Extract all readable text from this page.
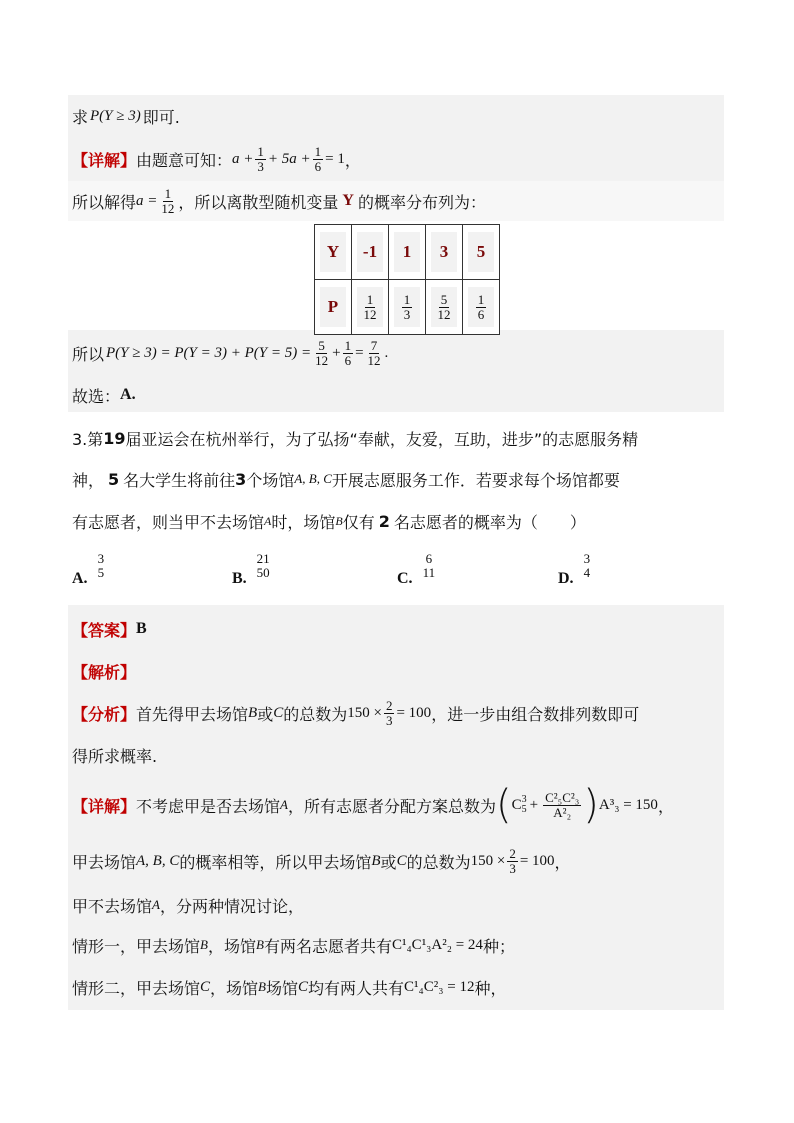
求 P(Y ≥ 3) 即可.
【详解】 由题意可知： $a + \frac{1}{3} + 5a + \frac{1}{6} = 1$ ，
所以解得 $a = \frac{1}{12}$ ，所以离散型随机变量 Y 的概率分布列为：
Y	-1	1	3	5

P	$\frac{1}{12}$	$\frac{1}{3}$	$\frac{5}{12}$	$\frac{1}{6}$
所以 $P(Y \ge 3) = P(Y = 3) + P(Y = 5) = \frac{5}{12} + \frac{1}{6} = \frac{7}{12}$ .
故选： A.
3.第 19 届亚运会在杭州举行，为了弘扬“奉献，友爱，互助，进步”的志愿服务精
神， 5 名大学生将前往 3 个场馆 A, B, C 开展志愿服务工作．若要求每个场馆都要
有志愿者，则当甲不去场馆 A 时，场馆 B 仅有 2 名志愿者的概率为（　　）
A.
3
5	B.
21
50	C.
6
11	D.
3
4
【答案】 B
【解析】
【分析】 首先得甲去场馆 B 或 C 的总数为 $150 \times \frac{2}{3} = 100$ ，进一步由组合数排列数即可
得所求概率.
【详解】 不考虑甲是否去场馆 A ，所有志愿者分配方案总数为 ( C 3
$5 + \frac{\text{C²₅C²₃}}{\text{A²₂}}$ ) A³₃ = 150 ，
甲去场馆 A, B, C 的概率相等，所以甲去场馆 B 或 C 的总数为 $150 \times \frac{2}{3} = 100$ ，
甲不去场馆 A ，分两种情况讨论，
情形一，甲去场馆 B ，场馆 B 有两名志愿者共有 C¹₄C¹₃A²₂ = 24 种；
情形二，甲去场馆 C ，场馆 B 场馆 C 均有两人共有 C¹₄C²₃ = 12 种，
